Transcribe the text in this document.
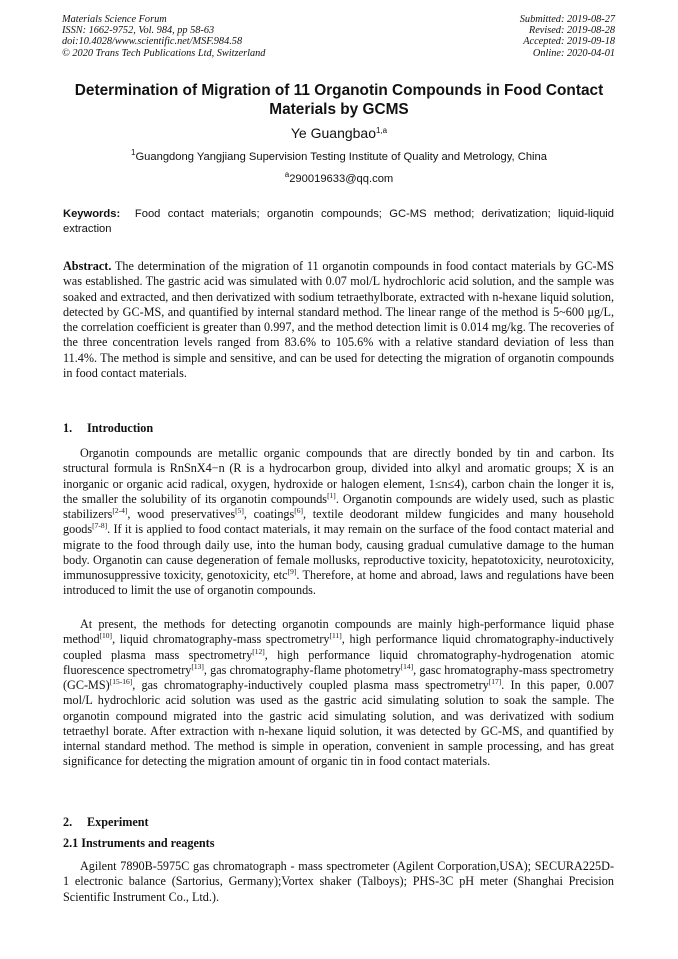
Materials Science Forum
ISSN: 1662-9752, Vol. 984, pp 58-63
doi:10.4028/www.scientific.net/MSF.984.58
© 2020 Trans Tech Publications Ltd, Switzerland
Submitted: 2019-08-27
Revised: 2019-08-28
Accepted: 2019-09-18
Online: 2020-04-01
Determination of Migration of 11 Organotin Compounds in Food Contact Materials by GCMS
Ye Guangbao$^{1,a}$
$^1$Guangdong Yangjiang Supervision Testing Institute of Quality and Metrology, China
$^a$290019633@qq.com
Keywords: Food contact materials; organotin compounds; GC-MS method; derivatization; liquid-liquid extraction
Abstract. The determination of the migration of 11 organotin compounds in food contact materials by GC-MS was established. The gastric acid was simulated with 0.07 mol/L hydrochloric acid solution, and the sample was soaked and extracted, and then derivatized with sodium tetraethylborate, extracted with n-hexane liquid solution, detected by GC-MS, and quantified by internal standard method. The linear range of the method is 5~600 μg/L, the correlation coefficient is greater than 0.997, and the method detection limit is 0.014 mg/kg. The recoveries of the three concentration levels ranged from 83.6% to 105.6% with a relative standard deviation of less than 11.4%. The method is simple and sensitive, and can be used for detecting the migration of organotin compounds in food contact materials.
1. Introduction
Organotin compounds are metallic organic compounds that are directly bonded by tin and carbon. Its structural formula is RnSnX4−n (R is a hydrocarbon group, divided into alkyl and aromatic groups; X is an inorganic or organic acid radical, oxygen, hydroxide or halogen element, 1≤n≤4), carbon chain the longer it is, the smaller the solubility of its organotin compounds[1]. Organotin compounds are widely used, such as plastic stabilizers[2-4], wood preservatives[5], coatings[6], textile deodorant mildew fungicides and many household goods[7-8]. If it is applied to food contact materials, it may remain on the surface of the food contact material and migrate to the food through daily use, into the human body, causing gradual cumulative damage to the human body. Organotin can cause degeneration of female mollusks, reproductive toxicity, hepatotoxicity, neurotoxicity, immunosuppressive toxicity, genotoxicity, etc[9]. Therefore, at home and abroad, laws and regulations have been introduced to limit the use of organotin compounds.
At present, the methods for detecting organotin compounds are mainly high-performance liquid phase method[10], liquid chromatography-mass spectrometry[11], high performance liquid chromatography-inductively coupled plasma mass spectrometry[12], high performance liquid chromatography-hydrogenation atomic fluorescence spectrometry[13], gas chromatography-flame photometry[14], gasc hromatography-mass spectrometry (GC-MS)[15-16], gas chromatography-inductively coupled plasma mass spectrometry[17]. In this paper, 0.007 mol/L hydrochloric acid solution was used as the gastric acid simulating solution to soak the sample. The organotin compound migrated into the gastric acid simulating solution, and was derivatized with sodium tetraethyl borate. After extraction with n-hexane liquid solution, it was detected by GC-MS, and quantified by internal standard method. The method is simple in operation, convenient in sample processing, and has great significance for detecting the migration amount of organic tin in food contact materials.
2. Experiment
2.1 Instruments and reagents
Agilent 7890B-5975C gas chromatograph - mass spectrometer (Agilent Corporation,USA); SECURA225D-1 electronic balance (Sartorius, Germany);Vortex shaker (Talboys); PHS-3C pH meter (Shanghai Precision Scientific Instrument Co., Ltd.).
